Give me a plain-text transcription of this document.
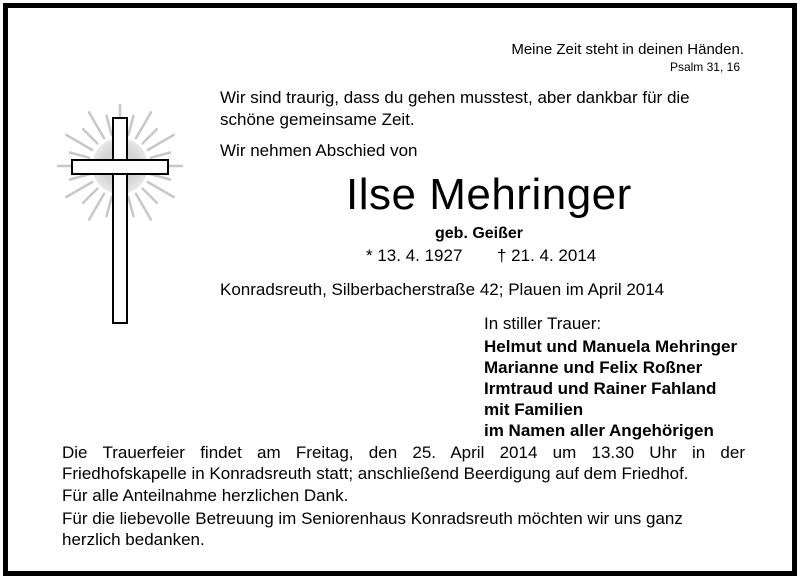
Meine Zeit steht in deinen Händen.
Psalm 31, 16
Wir sind traurig, dass du gehen musstest, aber dankbar für die
schöne gemeinsame Zeit.
Wir nehmen Abschied von
Ilse Mehringer
geb. Geißer
* 13. 4. 1927 † 21. 4. 2014
Konradsreuth, Silberbacherstraße 42; Plauen im April 2014
In stiller Trauer:
Helmut und Manuela Mehringer
Marianne und Felix Roßner
Irmtraud und Rainer Fahland
mit Familien
im Namen aller Angehörigen
Die Trauerfeier findet am Freitag, den 25. April 2014 um 13.30 Uhr in der
Friedhofskapelle in Konradsreuth statt; anschließend Beerdigung auf dem Friedhof.
Für alle Anteilnahme herzlichen Dank.
Für die liebevolle Betreuung im Seniorenhaus Konradsreuth möchten wir uns ganz
herzlich bedanken.
